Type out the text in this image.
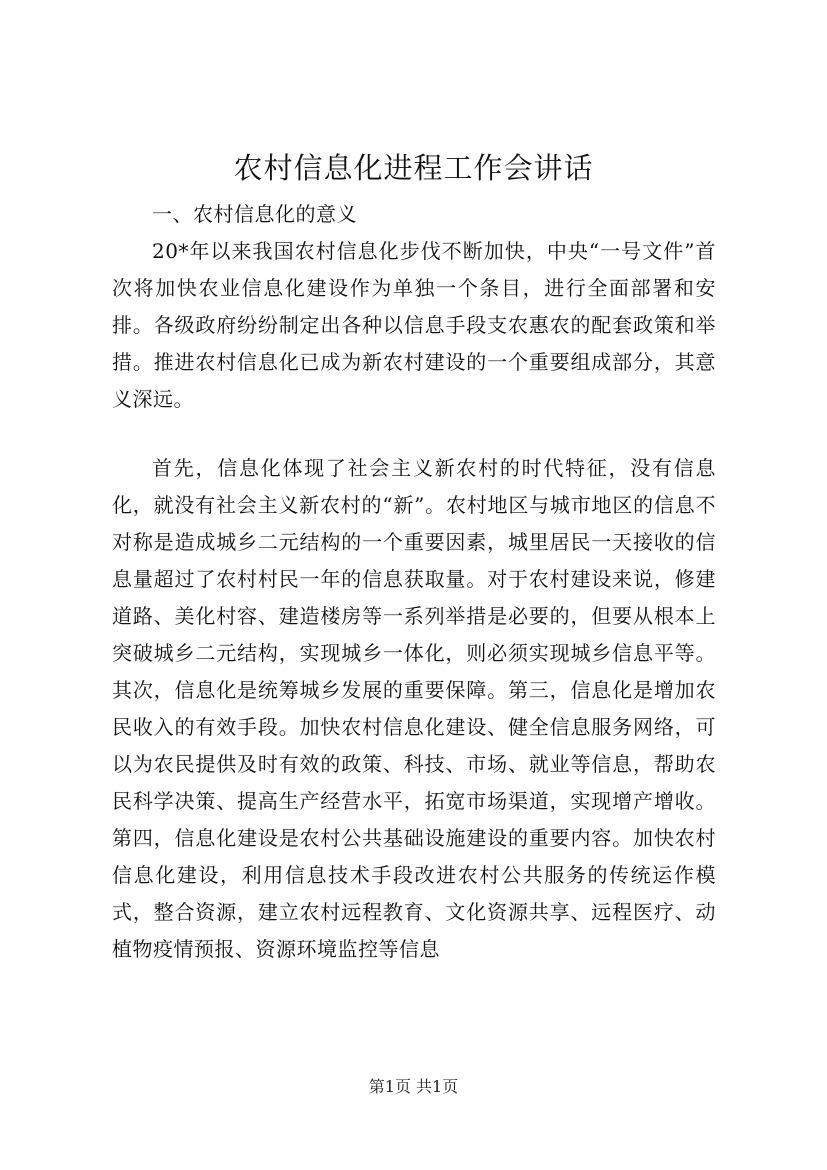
农村信息化进程工作会讲话

一、农村信息化的意义

20*年以来我国农村信息化步伐不断加快，中央“一号文件”首次将加快农业信息化建设作为单独一个条目，进行全面部署和安排。各级政府纷纷制定出各种以信息手段支农惠农的配套政策和举措。推进农村信息化已成为新农村建设的一个重要组成部分，其意义深远。

首先，信息化体现了社会主义新农村的时代特征，没有信息化，就没有社会主义新农村的“新”。农村地区与城市地区的信息不对称是造成城乡二元结构的一个重要因素，城里居民一天接收的信息量超过了农村村民一年的信息获取量。对于农村建设来说，修建道路、美化村容、建造楼房等一系列举措是必要的，但要从根本上突破城乡二元结构，实现城乡一体化，则必须实现城乡信息平等。其次，信息化是统筹城乡发展的重要保障。第三，信息化是增加农民收入的有效手段。加快农村信息化建设、健全信息服务网络，可以为农民提供及时有效的政策、科技、市场、就业等信息，帮助农民科学决策、提高生产经营水平，拓宽市场渠道，实现增产增收。第四，信息化建设是农村公共基础设施建设的重要内容。加快农村信息化建设，利用信息技术手段改进农村公共服务的传统运作模式，整合资源，建立农村远程教育、文化资源共享、远程医疗、动植物疫情预报、资源环境监控等信息

第1页 共1页
